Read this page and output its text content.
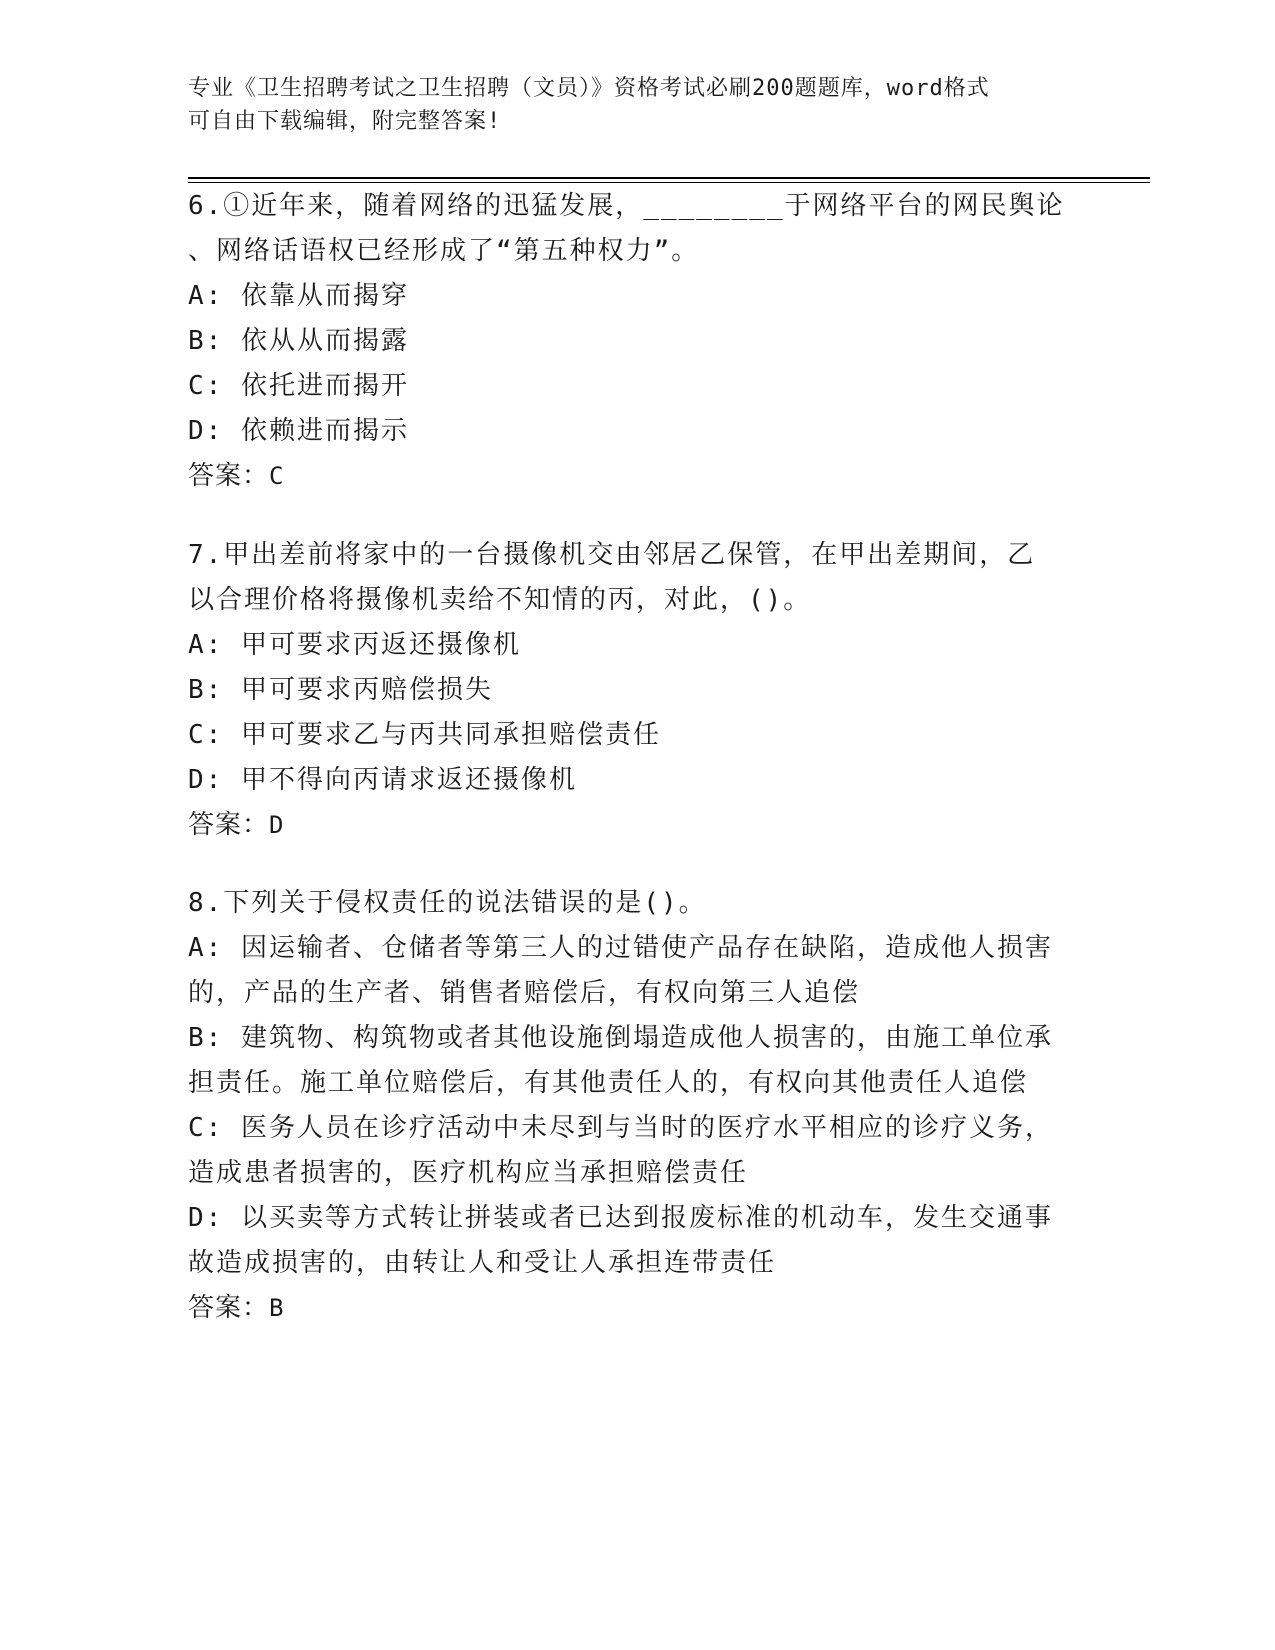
专业《卫生招聘考试之卫生招聘（文员）》资格考试必刷200题题库，word格式
可自由下载编辑，附完整答案!

6.①近年来，随着网络的迅猛发展，________于网络平台的网民舆论

、网络话语权已经形成了“第五种权力”。

A: 依靠从而揭穿

B: 依从从而揭露

C: 依托进而揭开

D: 依赖进而揭示

答案：C

7.甲出差前将家中的一台摄像机交由邻居乙保管，在甲出差期间，乙

以合理价格将摄像机卖给不知情的丙，对此，()。

A: 甲可要求丙返还摄像机

B: 甲可要求丙赔偿损失

C: 甲可要求乙与丙共同承担赔偿责任

D: 甲不得向丙请求返还摄像机

答案：D

8.下列关于侵权责任的说法错误的是()。

A: 因运输者、仓储者等第三人的过错使产品存在缺陷，造成他人损害

的，产品的生产者、销售者赔偿后，有权向第三人追偿

B: 建筑物、构筑物或者其他设施倒塌造成他人损害的，由施工单位承

担责任。施工单位赔偿后，有其他责任人的，有权向其他责任人追偿

C: 医务人员在诊疗活动中未尽到与当时的医疗水平相应的诊疗义务，

造成患者损害的，医疗机构应当承担赔偿责任

D: 以买卖等方式转让拼装或者已达到报废标准的机动车，发生交通事

故造成损害的，由转让人和受让人承担连带责任

答案：B
